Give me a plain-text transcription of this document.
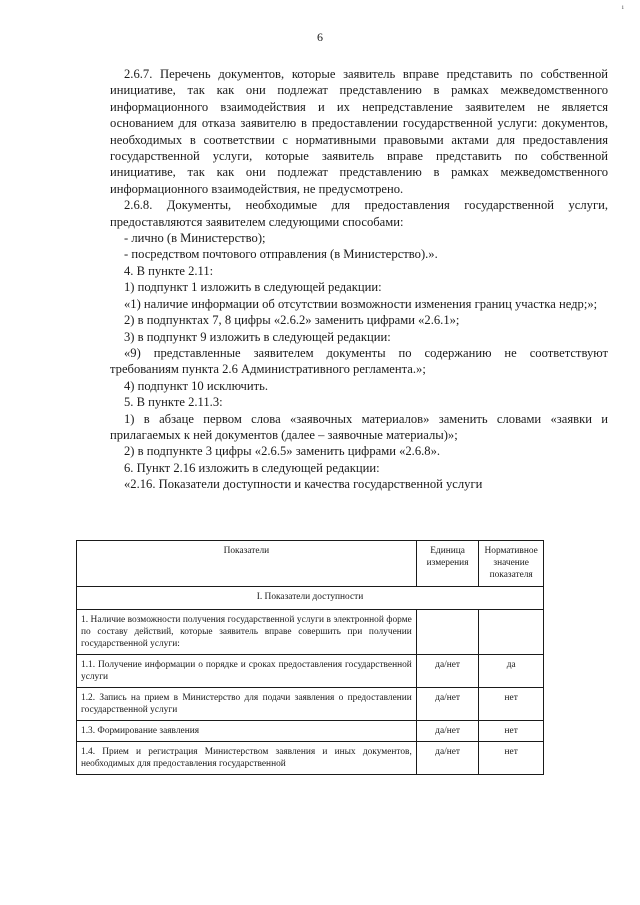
¹
6

2.6.7. Перечень документов, которые заявитель вправе представить по собственной инициативе, так как они подлежат представлению в рамках межведомственного информационного взаимодействия и их непредставление заявителем не является основанием для отказа заявителю в предоставлении государственной услуги: документов, необходимых в соответствии с нормативными правовыми актами для предоставления государственной услуги, которые заявитель вправе представить по собственной инициативе, так как они подлежат представлению в рамках межведомственного информационного взаимодействия, не предусмотрено.

2.6.8. Документы, необходимые для предоставления государственной услуги, предоставляются заявителем следующими способами:

- лично (в Министерство);

- посредством почтового отправления (в Министерство).».

4. В пункте 2.11:

1) подпункт 1 изложить в следующей редакции:

«1) наличие информации об отсутствии возможности изменения границ участка недр;»;

2) в подпунктах 7, 8 цифры «2.6.2» заменить цифрами «2.6.1»;

3) в подпункт 9 изложить в следующей редакции:

«9) представленные заявителем документы по содержанию не соответствуют требованиям пункта 2.6 Административного регламента.»;

4) подпункт 10 исключить.

5. В пункте 2.11.3:

1) в абзаце первом слова «заявочных материалов» заменить словами «заявки и прилагаемых к ней документов (далее – заявочные материалы)»;

2) в подпункте 3 цифры «2.6.5» заменить цифрами «2.6.8».

6. Пункт 2.16 изложить в следующей редакции:

«2.16. Показатели доступности и качества государственной услуги

Показатели	Единица измерения	Нормативное значение показателя
I. Показатели доступности		
1. Наличие возможности получения государственной услуги в электронной форме по составу действий, которые заявитель вправе совершить при получении государственной услуги:		
1.1. Получение информации о порядке и сроках предоставления государственной услуги	да/нет	да
1.2. Запись на прием в Министерство для подачи заявления о предоставлении государственной услуги	да/нет	нет
1.3. Формирование заявления	да/нет	нет
1.4. Прием и регистрация Министерством заявления и иных документов, необходимых для предоставления государственной	да/нет	нет
